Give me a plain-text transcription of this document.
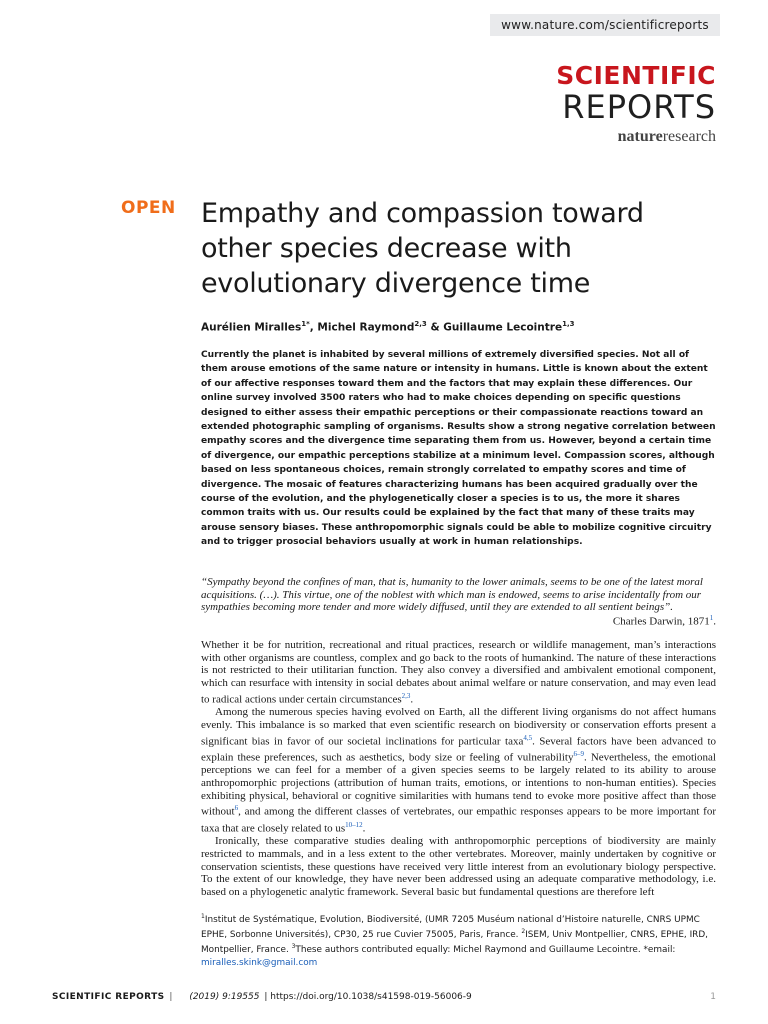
www.nature.com/scientificreports
SCIENTIFIC
REPORTS
natureresearch
OPEN Empathy and compassion toward other species decrease with evolutionary divergence time
Aurélien Miralles$^{1*}$, Michel Raymond$^{2,3}$ & Guillaume Lecointre$^{1,3}$

Currently the planet is inhabited by several millions of extremely diversified species. Not all of them arouse emotions of the same nature or intensity in humans. Little is known about the extent of our affective responses toward them and the factors that may explain these differences. Our online survey involved 3500 raters who had to make choices depending on specific questions designed to either assess their empathic perceptions or their compassionate reactions toward an extended photographic sampling of organisms. Results show a strong negative correlation between empathy scores and the divergence time separating them from us. However, beyond a certain time of divergence, our empathic perceptions stabilize at a minimum level. Compassion scores, although based on less spontaneous choices, remain strongly correlated to empathy scores and time of divergence. The mosaic of features characterizing humans has been acquired gradually over the course of the evolution, and the phylogenetically closer a species is to us, the more it shares common traits with us. Our results could be explained by the fact that many of these traits may arouse sensory biases. These anthropomorphic signals could be able to mobilize cognitive circuitry and to trigger prosocial behaviors usually at work in human relationships.

“Sympathy beyond the confines of man, that is, humanity to the lower animals, seems to be one of the latest moral acquisitions. (…). This virtue, one of the noblest with which man is endowed, seems to arise incidentally from our sympathies becoming more tender and more widely diffused, until they are extended to all sentient beings”.
Charles Darwin, 1871$^1$.

Whether it be for nutrition, recreational and ritual practices, research or wildlife management, man’s interactions with other organisms are countless, complex and go back to the roots of humankind. The nature of these interactions is not restricted to their utilitarian function. They also convey a diversified and ambivalent emotional component, which can resurface with intensity in social debates about animal welfare or nature conservation, and may even lead to radical actions under certain circumstances$^{2,3}$.

Among the numerous species having evolved on Earth, all the different living organisms do not affect humans evenly. This imbalance is so marked that even scientific research on biodiversity or conservation efforts present a significant bias in favor of our societal inclinations for particular taxa$^{4,5}$. Several factors have been advanced to explain these preferences, such as aesthetics, body size or feeling of vulnerability$^{6-9}$. Nevertheless, the emotional perceptions we can feel for a member of a given species seems to be largely related to its ability to arouse anthropomorphic projections (attribution of human traits, emotions, or intentions to non-human entities). Species exhibiting physical, behavioral or cognitive similarities with humans tend to evoke more positive affect than those without$^6$, and among the different classes of vertebrates, our empathic responses appears to be more important for taxa that are closely related to $us^{10-12}$.

Ironically, these comparative studies dealing with anthropomorphic perceptions of biodiversity are mainly restricted to mammals, and in a less extent to the other vertebrates. Moreover, mainly undertaken by cognitive or conservation scientists, these questions have received very little interest from an evolutionary biology perspective. To the extent of our knowledge, they have never been addressed using an adequate comparative methodology, i.e. based on a phylogenetic analytic framework. Several basic but fundamental questions are therefore left

$^1$Institut de Systématique, Evolution, Biodiversité, (UMR 7205 Muséum national d’Histoire naturelle, CNRS UPMC EPHE, Sorbonne Universités), CP30, 25 rue Cuvier 75005, Paris, France. $^2$ISEM, Univ Montpellier, CNRS, EPHE, IRD, Montpellier, France. $^3$These authors contributed equally: Michel Raymond and Guillaume Lecointre. *email: miralles.skink@gmail.com
SCIENTIFIC REPORTS | (2019) 9:19555 | https://doi.org/10.1038/s41598-019-56006-9	1
